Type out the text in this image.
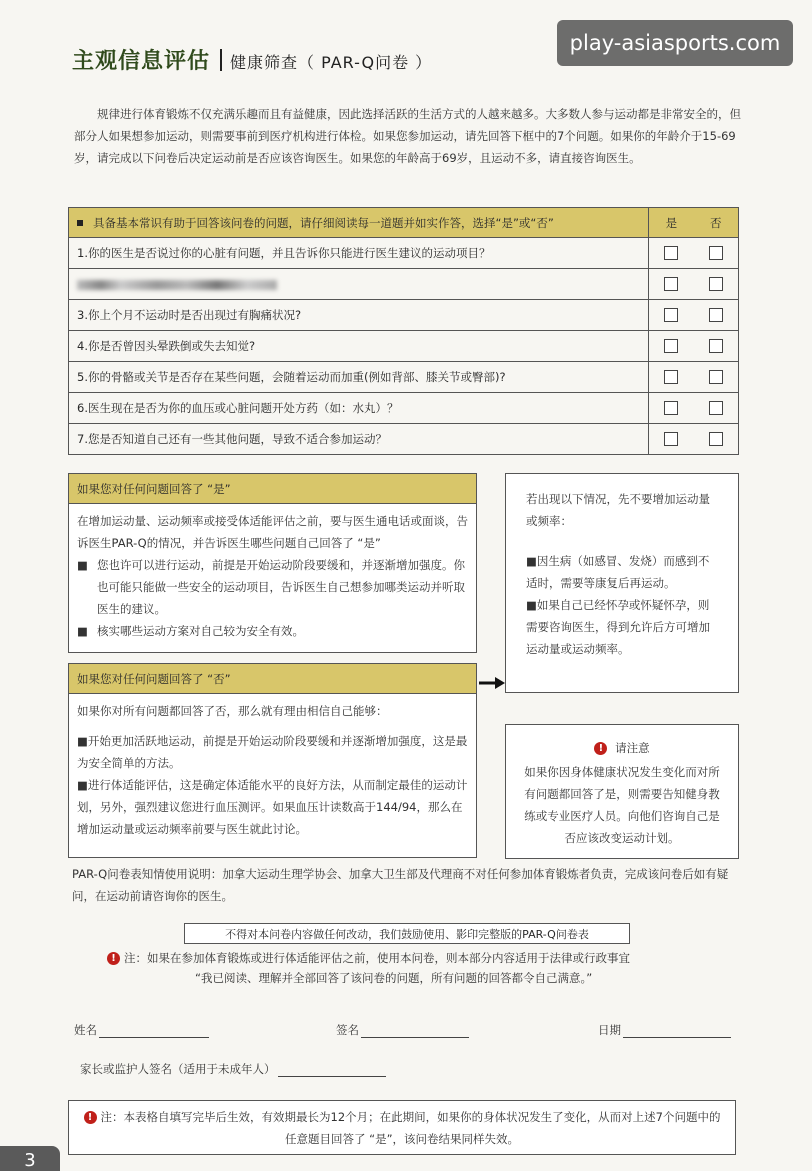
主观信息评估 健康筛查（ PAR-Q问卷 ）
play-asiasports.com

规律进行体育锻炼不仅充满乐趣而且有益健康，因此选择活跃的生活方式的人越来越多。大多数人参与运动都是非常安全的，但部分人如果想参加运动，则需要事前到医疗机构进行体检。如果您参加运动，请先回答下框中的7个问题。如果你的年龄介于15-69岁，请完成以下问卷后决定运动前是否应该咨询医生。如果您的年龄高于69岁，且运动不多，请直接咨询医生。

具备基本常识有助于回答该问卷的问题，请仔细阅读每一道题并如实作答，选择“是”或“否”	是	否
1.你的医生是否说过你的心脏有问题，并且告诉你只能进行医生建议的运动项目？		

3.你上个月不运动时是否出现过有胸痛状况?		
4.你是否曾因头晕跌倒或失去知觉?		
5.你的骨骼或关节是否存在某些问题，会随着运动而加重(例如背部、膝关节或臀部)?		
6.医生现在是否为你的血压或心脏问题开处方药（如：水丸）？		
7.您是否知道自己还有一些其他问题，导致不适合参加运动？		
如果您对任何问题回答了 “是”
在增加运动量、运动频率或接受体适能评估之前，要与医生通电话或面谈，告诉医生PAR-Q的情况，并告诉医生哪些问题自己回答了 “是”
■ 您也许可以进行运动，前提是开始运动阶段要缓和，并逐渐增加强度。你也可能只能做一些安全的运动项目，告诉医生自己想参加哪类运动并听取医生的建议。
■ 核实哪些运动方案对自己较为安全有效。
如果您对任何问题回答了 “否”
如果你对所有问题都回答了否，那么就有理由相信自己能够：
■开始更加活跃地运动，前提是开始运动阶段要缓和并逐渐增加强度，这是最为安全简单的方法。
■进行体适能评估，这是确定体适能水平的良好方法，从而制定最佳的运动计划，另外，强烈建议您进行血压测评。如果血压计读数高于144/94，那么在增加运动量或运动频率前要与医生就此讨论。
若出现以下情况，先不要增加运动量或频率：
■因生病（如感冒、发烧）而感到不适时，需要等康复后再运动。
■如果自己已经怀孕或怀疑怀孕，则需要咨询医生，得到允许后方可增加运动量或运动频率。
! 请注意
如果你因身体健康状况发生变化而对所有问题都回答了是，则需要告知健身教练或专业医疗人员。向他们咨询自己是否应该改变运动计划。

PAR-Q问卷表知情使用说明：加拿大运动生理学协会、加拿大卫生部及代理商不对任何参加体育锻炼者负责，完成该问卷后如有疑问，在运动前请咨询你的医生。

不得对本问卷内容做任何改动，我们鼓励使用、影印完整版的PAR-Q问卷表
! 注：如果在参加体育锻炼或进行体适能评估之前，使用本问卷，则本部分内容适用于法律或行政事宜
“我已阅读、理解并全部回答了该问卷的问题，所有问题的回答都令自己满意。”
姓名	签名	日期
家长或监护人签名（适用于未成年人）
! 注：本表格自填写完毕后生效，有效期最长为12个月；在此期间，如果你的身体状况发生了变化，从而对上述7个问题中的任意题目回答了 “是”，该问卷结果同样失效。
3
